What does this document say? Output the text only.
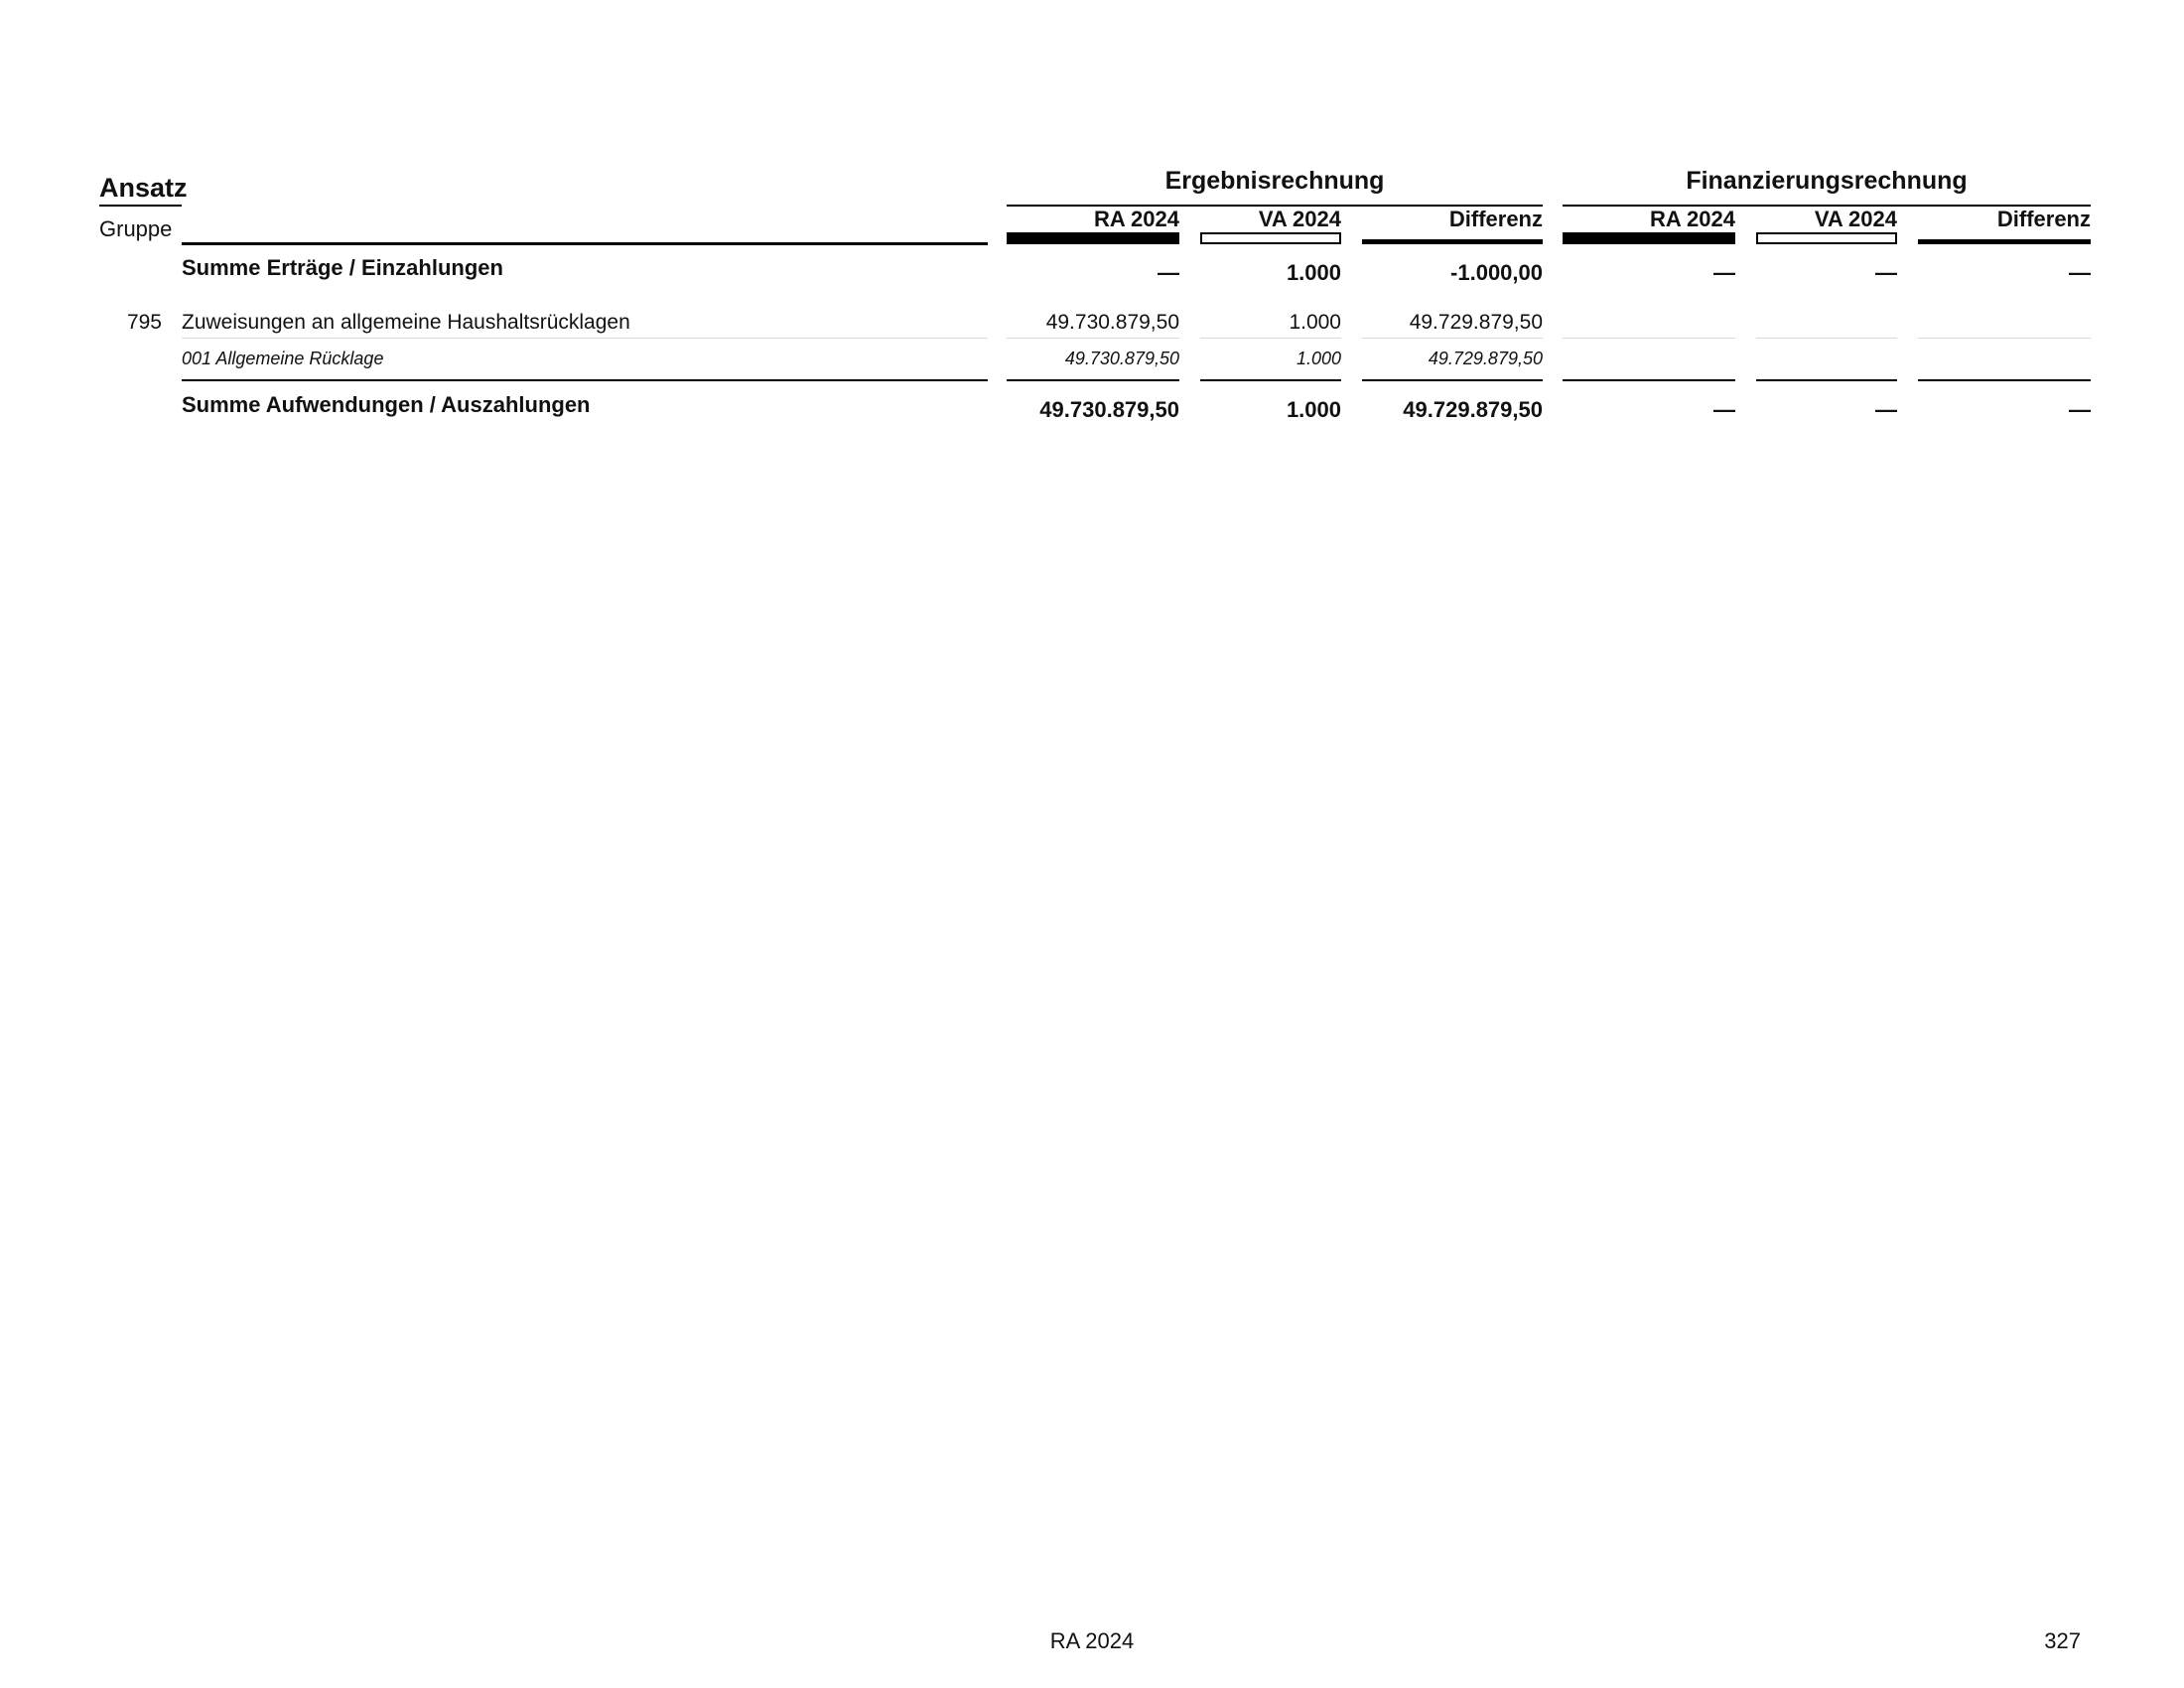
Ansatz
Gruppe
Ergebnisrechnung	Finanzierungsrechnung
RA 2024	VA 2024	Differenz	RA 2024	VA 2024	Differenz
Summe Erträge / Einzahlungen	—	1.000	-1.000,00	—	—	—
795 Zuweisungen an allgemeine Haushaltsrücklagen	49.730.879,50	1.000	49.729.879,50
001 Allgemeine Rücklage	49.730.879,50	1.000	49.729.879,50
Summe Aufwendungen / Auszahlungen	49.730.879,50	1.000	49.729.879,50	—	—	—
RA 2024	327
